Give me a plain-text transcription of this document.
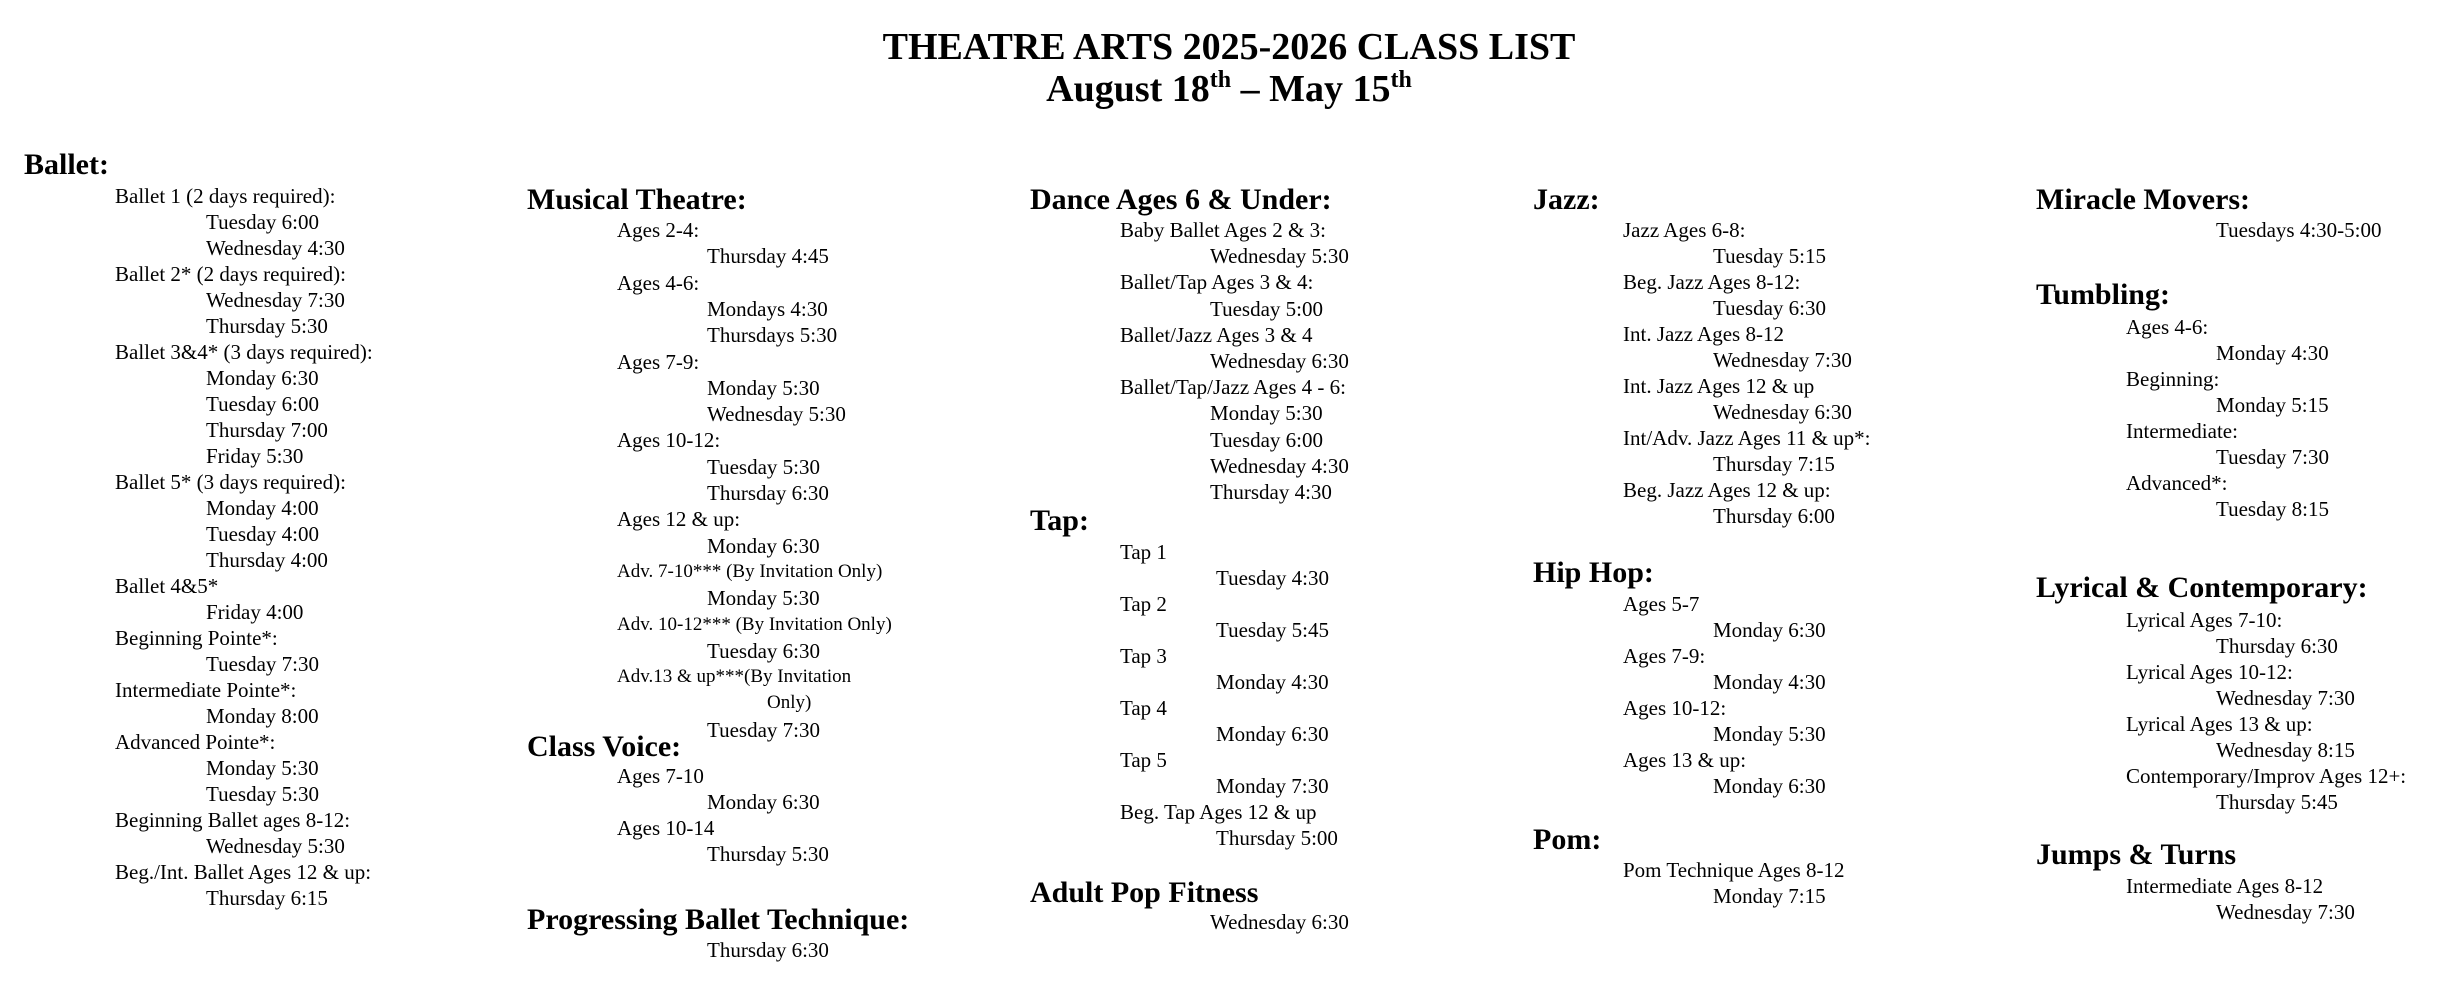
THEATRE ARTS 2025-2026 CLASS LIST
August 18th – May 15th
Ballet:
Ballet 1 (2 days required):
Tuesday 6:00
Wednesday 4:30
Ballet 2* (2 days required):
Wednesday 7:30
Thursday 5:30
Ballet 3&4* (3 days required):
Monday 6:30
Tuesday 6:00
Thursday 7:00
Friday 5:30
Ballet 5* (3 days required):
Monday 4:00
Tuesday 4:00
Thursday 4:00
Ballet 4&5*
Friday 4:00
Beginning Pointe*:
Tuesday 7:30
Intermediate Pointe*:
Monday 8:00
Advanced Pointe*:
Monday 5:30
Tuesday 5:30
Beginning Ballet ages 8-12:
Wednesday 5:30
Beg./Int. Ballet Ages 12 & up:
Thursday 6:15
Musical Theatre:
Ages 2-4:
Thursday 4:45
Ages 4-6:
Mondays 4:30
Thursdays 5:30
Ages 7-9:
Monday 5:30
Wednesday 5:30
Ages 10-12:
Tuesday 5:30
Thursday 6:30
Ages 12 & up:
Monday 6:30
Adv. 7-10*** (By Invitation Only)
Monday 5:30
Adv. 10-12*** (By Invitation Only)
Tuesday 6:30
Adv.13 & up***(By Invitation
Only)
Tuesday 7:30
Class Voice:
Ages 7-10
Monday 6:30
Ages 10-14
Thursday 5:30
Progressing Ballet Technique:
Thursday 6:30
Dance Ages 6 & Under:
Baby Ballet Ages 2 & 3:
Wednesday 5:30
Ballet/Tap Ages 3 & 4:
Tuesday 5:00
Ballet/Jazz Ages 3 & 4
Wednesday 6:30
Ballet/Tap/Jazz Ages 4 - 6:
Monday 5:30
Tuesday 6:00
Wednesday 4:30
Thursday 4:30
Tap:
Tap 1
Tuesday 4:30
Tap 2
Tuesday 5:45
Tap 3
Monday 4:30
Tap 4
Monday 6:30
Tap 5
Monday 7:30
Beg. Tap Ages 12 & up
Thursday 5:00
Adult Pop Fitness
Wednesday 6:30
Jazz:
Jazz Ages 6-8:
Tuesday 5:15
Beg. Jazz Ages 8-12:
Tuesday 6:30
Int. Jazz Ages 8-12
Wednesday 7:30
Int. Jazz Ages 12 & up
Wednesday 6:30
Int/Adv. Jazz Ages 11 & up*:
Thursday 7:15
Beg. Jazz Ages 12 & up:
Thursday 6:00
Hip Hop:
Ages 5-7
Monday 6:30
Ages 7-9:
Monday 4:30
Ages 10-12:
Monday 5:30
Ages 13 & up:
Monday 6:30
Pom:
Pom Technique Ages 8-12
Monday 7:15
Miracle Movers:
Tuesdays 4:30-5:00
Tumbling:
Ages 4-6:
Monday 4:30
Beginning:
Monday 5:15
Intermediate:
Tuesday 7:30
Advanced*:
Tuesday 8:15
Lyrical & Contemporary:
Lyrical Ages 7-10:
Thursday 6:30
Lyrical Ages 10-12:
Wednesday 7:30
Lyrical Ages 13 & up:
Wednesday 8:15
Contemporary/Improv Ages 12+:
Thursday 5:45
Jumps & Turns
Intermediate Ages 8-12
Wednesday 7:30
